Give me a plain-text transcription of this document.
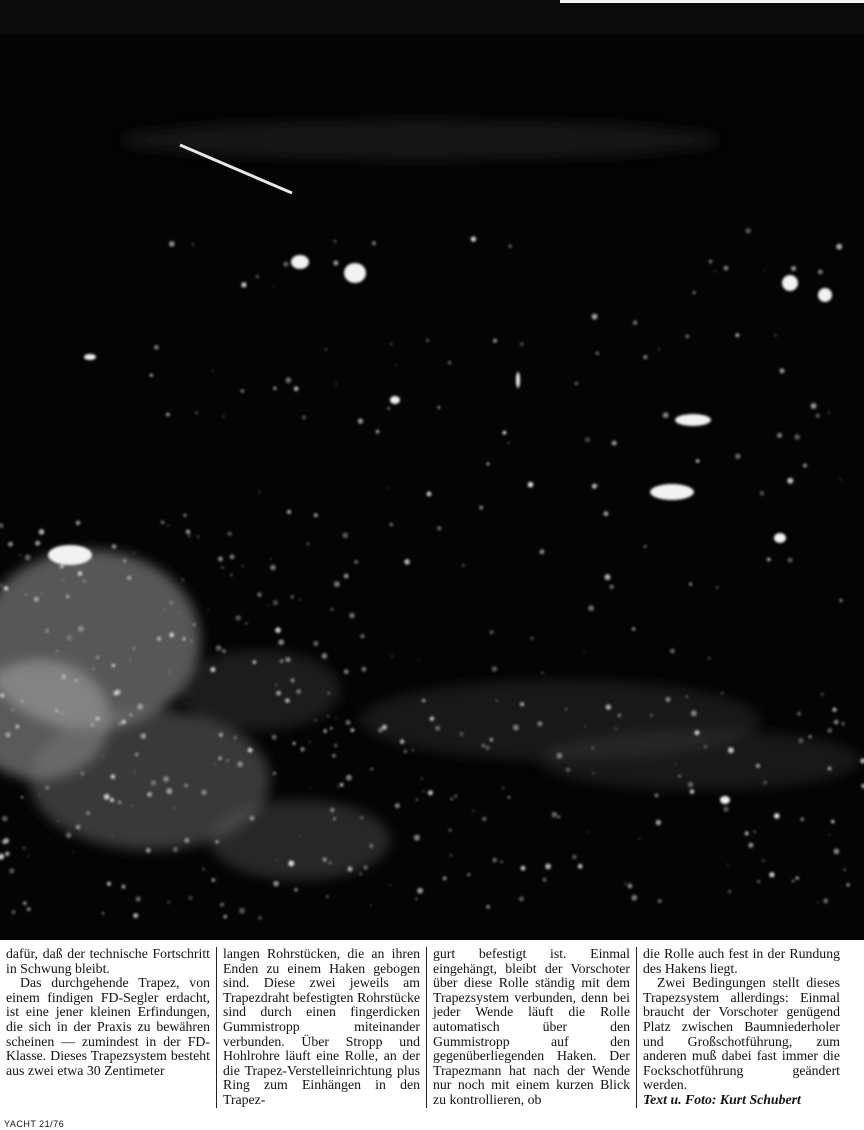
dafür, daß der technische Fortschritt in Schwung bleibt.

Das durchgehende Trapez, von einem findigen FD-Segler erdacht, ist eine jener kleinen Erfindungen, die sich in der Praxis zu bewähren scheinen — zumindest in der FD-Klasse. Dieses Trapezsystem besteht aus zwei etwa 30 Zentimeter

langen Rohrstücken, die an ihren Enden zu einem Haken gebogen sind. Diese zwei jeweils am Trapezdraht befestigten Rohrstücke sind durch einen fingerdicken Gummistropp miteinander verbunden. Über Stropp und Hohlrohre läuft eine Rolle, an der die Trapez-Verstelleinrichtung plus Ring zum Einhängen in den Trapez-

gurt befestigt ist. Einmal eingehängt, bleibt der Vorschoter über diese Rolle ständig mit dem Trapezsystem verbunden, denn bei jeder Wende läuft die Rolle automatisch über den Gummistropp auf den gegenüberliegenden Haken. Der Trapezmann hat nach der Wende nur noch mit einem kurzen Blick zu kontrollieren, ob

die Rolle auch fest in der Rundung des Hakens liegt.

Zwei Bedingungen stellt dieses Trapezsystem allerdings: Einmal braucht der Vorschoter genügend Platz zwischen Baumniederholer und Großschotführung, zum anderen muß dabei fast immer die Fockschotführung geändert werden.

Text u. Foto: Kurt Schubert

YACHT 21/76
